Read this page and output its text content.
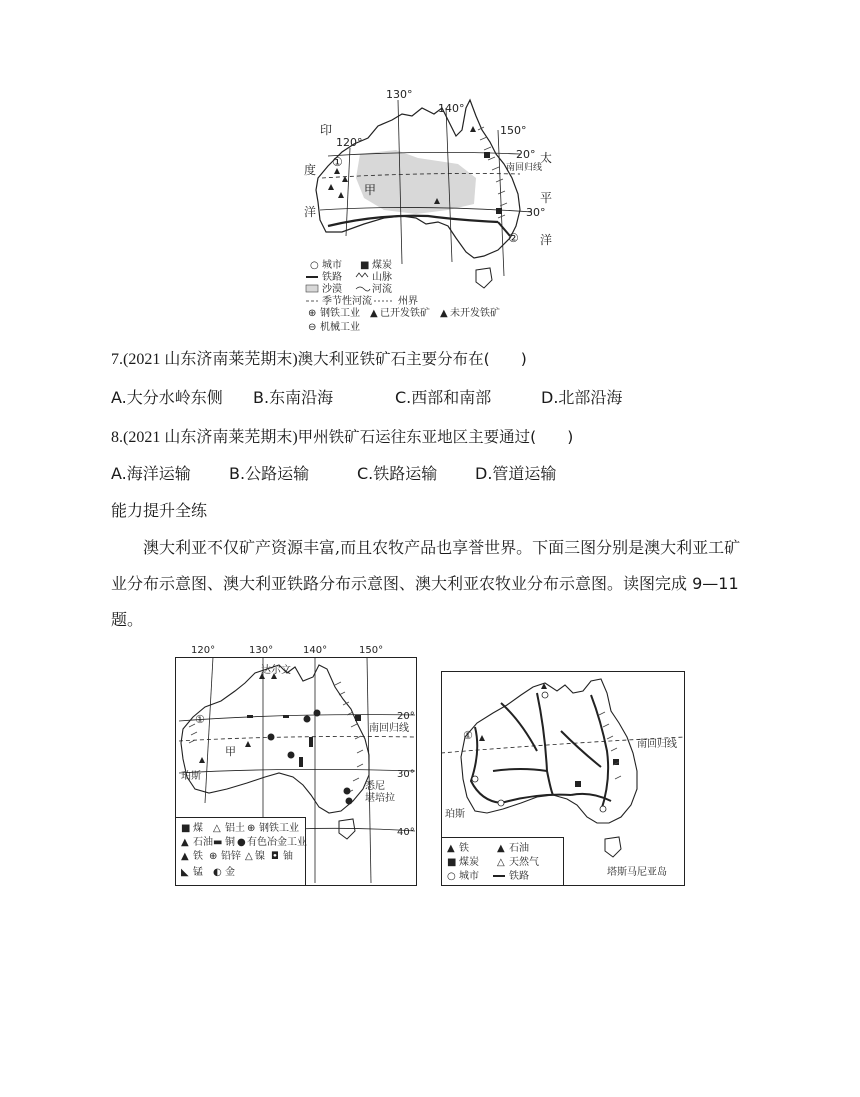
130°
140°
150°
120°
20°
30°
南回归线
印
度
洋
太
平
洋
甲
①
②
○ 城市 ■ 煤炭
铁路	山脉
沙漠	河流
季节性河流	州界
⊕ 钢铁工业 ▲ 已开发铁矿 ▲ 未开发铁矿
⊖ 机械工业
7.(2021 山东济南莱芜期末)澳大利亚铁矿石主要分布在(　　)
A.大分水岭东侧 B.东南沿海	C.西部和南部	D.北部沿海
8.(2021 山东济南莱芜期末)甲州铁矿石运往东亚地区主要通过(　　)
A.海洋运输 B.公路运输	C.铁路运输 D.管道运输
能力提升全练
澳大利亚不仅矿产资源丰富,而且农牧产品也享誉世界。下面三图分别是澳大利亚工矿业分布示意图、澳大利亚铁路分布示意图、澳大利亚农牧业分布示意图。读图完成 9—11 题。
120°	130°	140°	150°
20°
30°
40°
南回归线
达尔文
珀斯
悉尼
堪培拉
甲
①
■ 煤 △ 铝土 ⊕ 钢铁工业
▲ 石油 ▬ 铜 ● 有色冶金工业
▲ 铁 ⊕ 铅锌 △ 镍 ◘ 铀
◣ 锰 ◐ 金
南回归线
珀斯
①
塔斯马尼亚岛
▲ 铁	▲ 石油
■ 煤炭 △ 天然气
○ 城市	铁路
